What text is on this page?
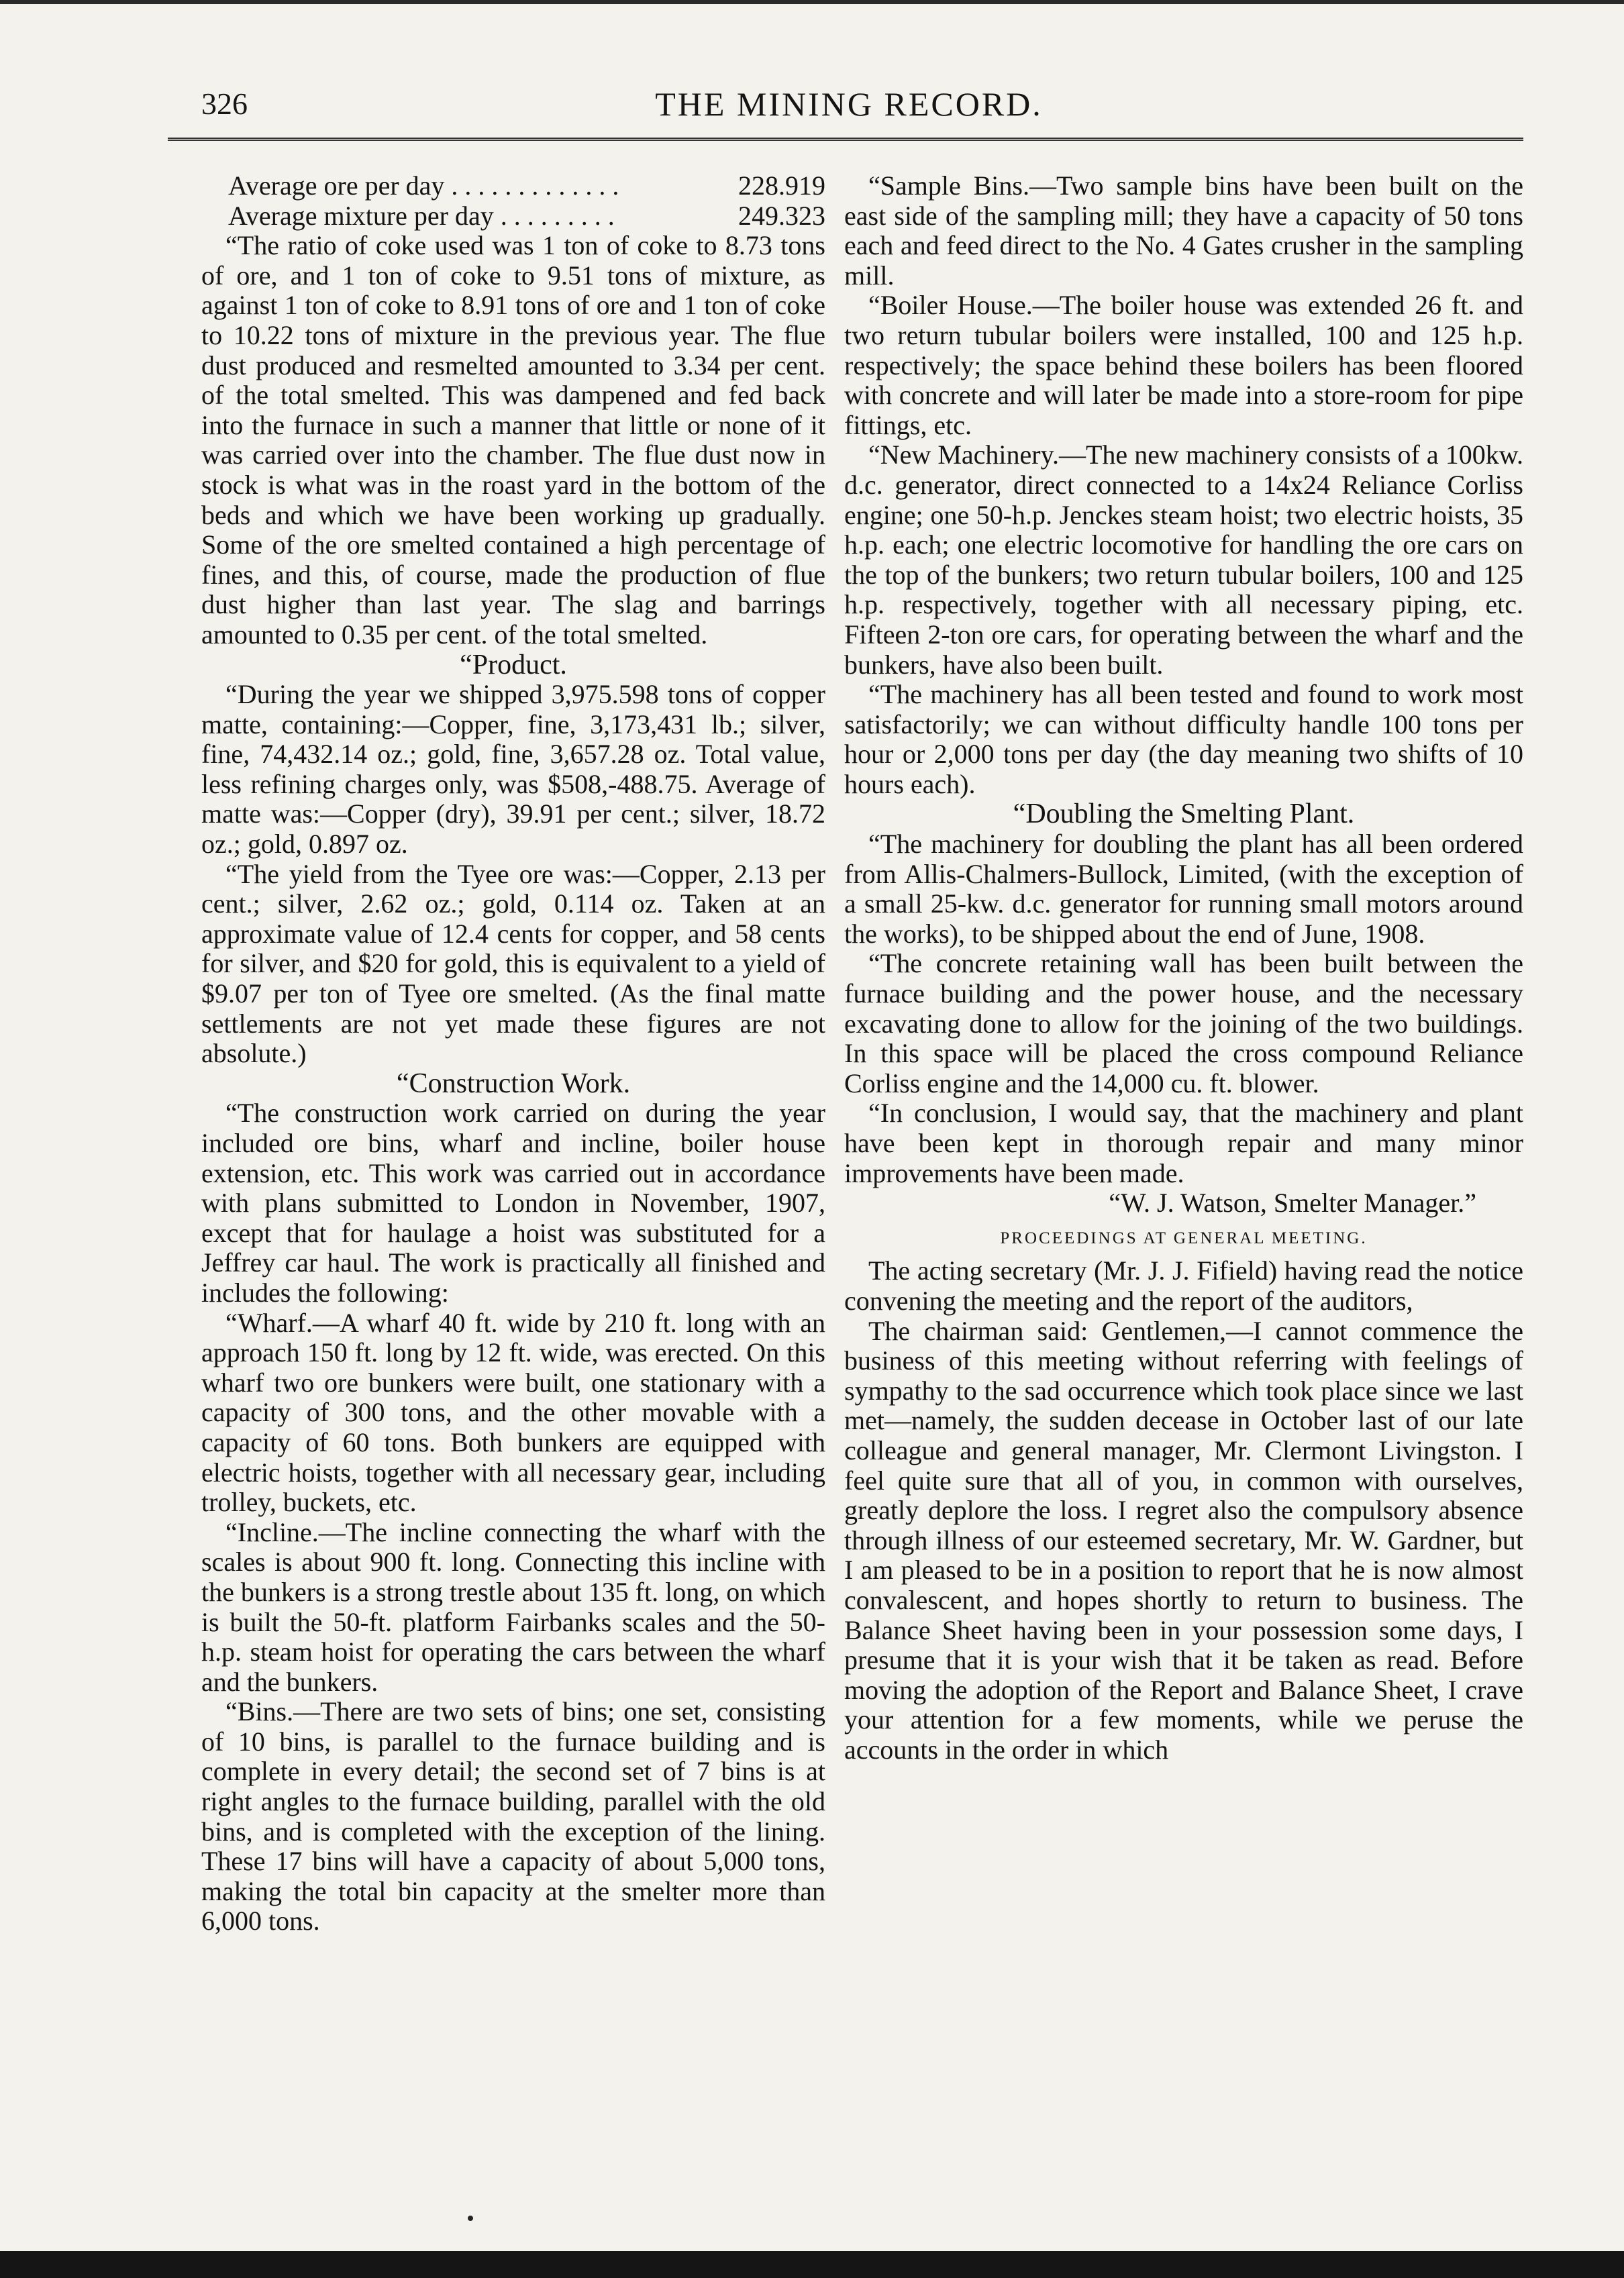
326	THE MINING RECORD.
Average ore per day . . . . . . . . . . . . .	228.919
Average mixture per day . . . . . . . . .	249.323

“The ratio of coke used was 1 ton of coke to 8.73 tons of ore, and 1 ton of coke to 9.51 tons of mixture, as against 1 ton of coke to 8.91 tons of ore and 1 ton of coke to 10.22 tons of mixture in the previous year. The flue dust produced and resmelted amounted to 3.34 per cent. of the total smelted. This was dampened and fed back into the furnace in such a manner that little or none of it was carried over into the chamber. The flue dust now in stock is what was in the roast yard in the bottom of the beds and which we have been working up gradually. Some of the ore smelted contained a high percentage of fines, and this, of course, made the production of flue dust higher than last year. The slag and barrings amounted to 0.35 per cent. of the total smelted.

“Product.

“During the year we shipped 3,975.598 tons of copper matte, containing:—Copper, fine, 3,173,431 lb.; silver, fine, 74,432.14 oz.; gold, fine, 3,657.28 oz. Total value, less refining charges only, was $508,-488.75. Average of matte was:—Copper (dry), 39.91 per cent.; silver, 18.72 oz.; gold, 0.897 oz.

“The yield from the Tyee ore was:—Copper, 2.13 per cent.; silver, 2.62 oz.; gold, 0.114 oz. Taken at an approximate value of 12.4 cents for copper, and 58 cents for silver, and $20 for gold, this is equivalent to a yield of $9.07 per ton of Tyee ore smelted. (As the final matte settlements are not yet made these figures are not absolute.)

“Construction Work.

“The construction work carried on during the year included ore bins, wharf and incline, boiler house extension, etc. This work was carried out in accordance with plans submitted to London in November, 1907, except that for haulage a hoist was substituted for a Jeffrey car haul. The work is practically all finished and includes the following:

“Wharf.—A wharf 40 ft. wide by 210 ft. long with an approach 150 ft. long by 12 ft. wide, was erected. On this wharf two ore bunkers were built, one stationary with a capacity of 300 tons, and the other movable with a capacity of 60 tons. Both bunkers are equipped with electric hoists, together with all necessary gear, including trolley, buckets, etc.

“Incline.—The incline connecting the wharf with the scales is about 900 ft. long. Connecting this incline with the bunkers is a strong trestle about 135 ft. long, on which is built the 50-ft. platform Fairbanks scales and the 50-h.p. steam hoist for operating the cars between the wharf and the bunkers.

“Bins.—There are two sets of bins; one set, consisting of 10 bins, is parallel to the furnace building and is complete in every detail; the second set of 7 bins is at right angles to the furnace building, parallel with the old bins, and is completed with the exception of the lining. These 17 bins will have a capacity of about 5,000 tons, making the total bin capacity at the smelter more than 6,000 tons.

“Sample Bins.—Two sample bins have been built on the east side of the sampling mill; they have a capacity of 50 tons each and feed direct to the No. 4 Gates crusher in the sampling mill.

“Boiler House.—The boiler house was extended 26 ft. and two return tubular boilers were installed, 100 and 125 h.p. respectively; the space behind these boilers has been floored with concrete and will later be made into a store-room for pipe fittings, etc.

“New Machinery.—The new machinery consists of a 100kw. d.c. generator, direct connected to a 14x24 Reliance Corliss engine; one 50-h.p. Jenckes steam hoist; two electric hoists, 35 h.p. each; one electric locomotive for handling the ore cars on the top of the bunkers; two return tubular boilers, 100 and 125 h.p. respectively, together with all necessary piping, etc. Fifteen 2-ton ore cars, for operating between the wharf and the bunkers, have also been built.

“The machinery has all been tested and found to work most satisfactorily; we can without difficulty handle 100 tons per hour or 2,000 tons per day (the day meaning two shifts of 10 hours each).

“Doubling the Smelting Plant.

“The machinery for doubling the plant has all been ordered from Allis-Chalmers-Bullock, Limited, (with the exception of a small 25-kw. d.c. generator for running small motors around the works), to be shipped about the end of June, 1908.

“The concrete retaining wall has been built between the furnace building and the power house, and the necessary excavating done to allow for the joining of the two buildings. In this space will be placed the cross compound Reliance Corliss engine and the 14,000 cu. ft. blower.

“In conclusion, I would say, that the machinery and plant have been kept in thorough repair and many minor improvements have been made.

“W. J. Watson, Smelter Manager.”
PROCEEDINGS AT GENERAL MEETING.

The acting secretary (Mr. J. J. Fifield) having read the notice convening the meeting and the report of the auditors,

The chairman said: Gentlemen,—I cannot commence the business of this meeting without referring with feelings of sympathy to the sad occurrence which took place since we last met—namely, the sudden decease in October last of our late colleague and general manager, Mr. Clermont Livingston. I feel quite sure that all of you, in common with ourselves, greatly deplore the loss. I regret also the compulsory absence through illness of our esteemed secretary, Mr. W. Gardner, but I am pleased to be in a position to report that he is now almost convalescent, and hopes shortly to return to business. The Balance Sheet having been in your possession some days, I presume that it is your wish that it be taken as read. Before moving the adoption of the Report and Balance Sheet, I crave your attention for a few moments, while we peruse the accounts in the order in which
